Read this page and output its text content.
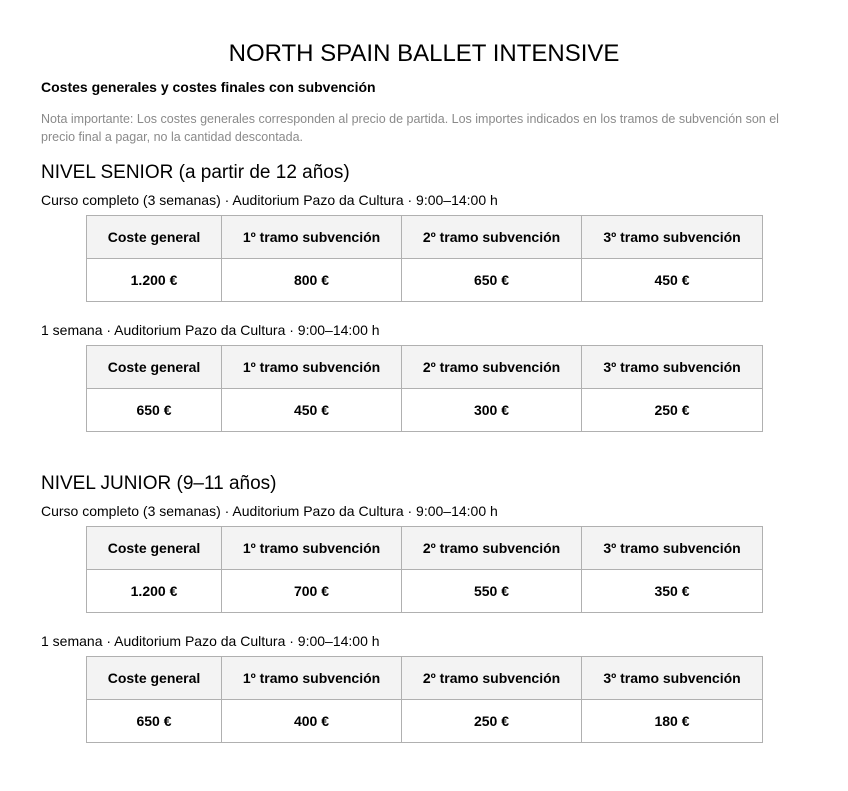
NORTH SPAIN BALLET INTENSIVE
Costes generales y costes finales con subvención
Nota importante: Los costes generales corresponden al precio de partida. Los importes indicados en los tramos de subvención son el precio final a pagar, no la cantidad descontada.
NIVEL SENIOR (a partir de 12 años)
Curso completo (3 semanas) · Auditorium Pazo da Cultura · 9:00–14:00 h
Coste general	1º tramo subvención	2º tramo subvención	3º tramo subvención
1.200 €	800 €	650 €	450 €
1 semana · Auditorium Pazo da Cultura · 9:00–14:00 h
Coste general	1º tramo subvención	2º tramo subvención	3º tramo subvención
650 €	450 €	300 €	250 €
NIVEL JUNIOR (9–11 años)
Curso completo (3 semanas) · Auditorium Pazo da Cultura · 9:00–14:00 h
Coste general	1º tramo subvención	2º tramo subvención	3º tramo subvención
1.200 €	700 €	550 €	350 €
1 semana · Auditorium Pazo da Cultura · 9:00–14:00 h
Coste general	1º tramo subvención	2º tramo subvención	3º tramo subvención
650 €	400 €	250 €	180 €
